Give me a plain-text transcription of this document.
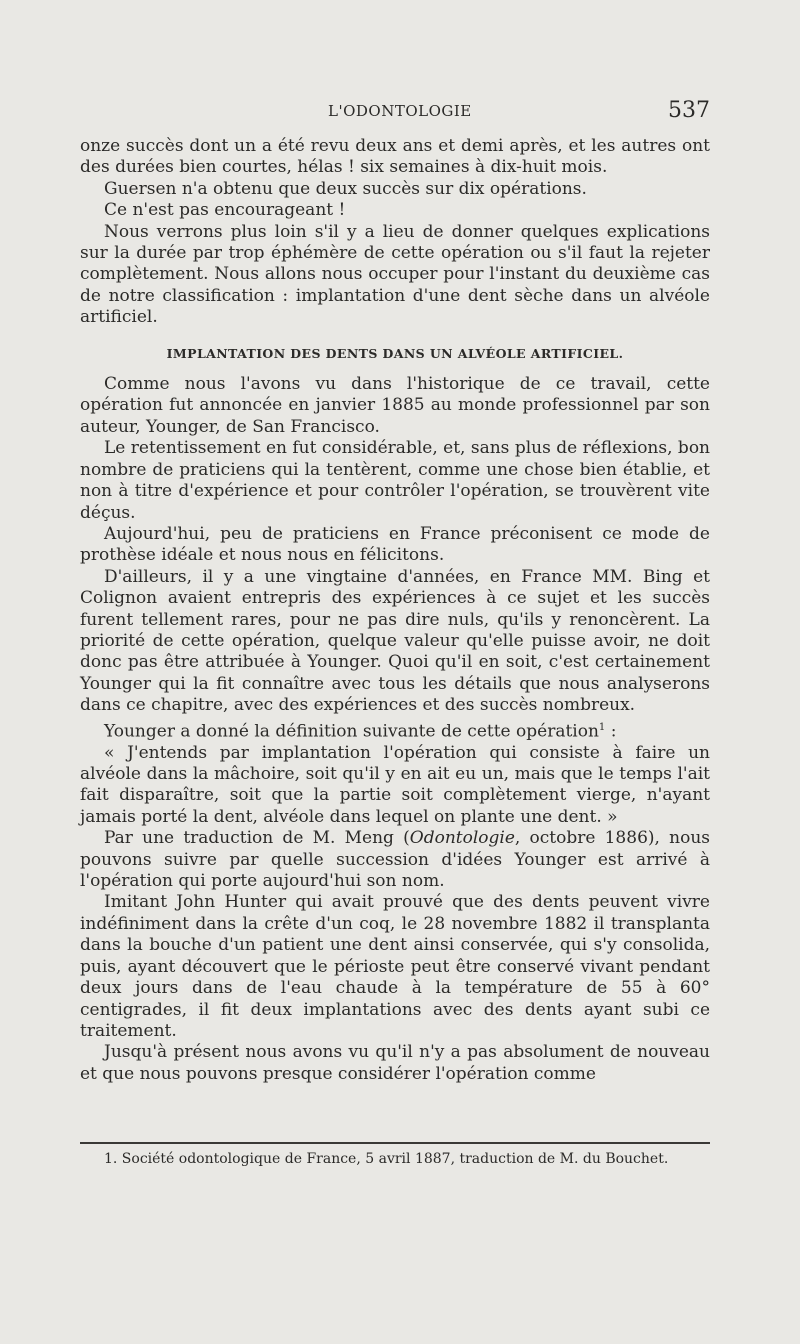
L'ODONTOLOGIE	537

onze succès dont un a été revu deux ans et demi après, et les autres ont des durées bien courtes, hélas ! six semaines à dix-huit mois.

Guersen n'a obtenu que deux succès sur dix opérations.

Ce n'est pas encourageant !

Nous verrons plus loin s'il y a lieu de donner quelques explications sur la durée par trop éphémère de cette opération ou s'il faut la rejeter complètement. Nous allons nous occuper pour l'instant du deuxième cas de notre classification : implantation d'une dent sèche dans un alvéole artificiel.

IMPLANTATION DES DENTS DANS UN ALVÉOLE ARTIFICIEL.

Comme nous l'avons vu dans l'historique de ce travail, cette opération fut annoncée en janvier 1885 au monde professionnel par son auteur, Younger, de San Francisco.

Le retentissement en fut considérable, et, sans plus de réflexions, bon nombre de praticiens qui la tentèrent, comme une chose bien établie, et non à titre d'expérience et pour contrôler l'opération, se trouvèrent vite déçus.

Aujourd'hui, peu de praticiens en France préconisent ce mode de prothèse idéale et nous nous en félicitons.

D'ailleurs, il y a une vingtaine d'années, en France MM. Bing et Colignon avaient entrepris des expériences à ce sujet et les succès furent tellement rares, pour ne pas dire nuls, qu'ils y renoncèrent. La priorité de cette opération, quelque valeur qu'elle puisse avoir, ne doit donc pas être attribuée à Younger. Quoi qu'il en soit, c'est certainement Younger qui la fit connaître avec tous les détails que nous analyserons dans ce chapitre, avec des expériences et des succès nombreux.

Younger a donné la définition suivante de cette opération$^1$ :

« J'entends par implantation l'opération qui consiste à faire un alvéole dans la mâchoire, soit qu'il y en ait eu un, mais que le temps l'ait fait disparaître, soit que la partie soit complètement vierge, n'ayant jamais porté la dent, alvéole dans lequel on plante une dent. »

Par une traduction de M. Meng (Odontologie, octobre 1886), nous pouvons suivre par quelle succession d'idées Younger est arrivé à l'opération qui porte aujourd'hui son nom.

Imitant John Hunter qui avait prouvé que des dents peuvent vivre indéfiniment dans la crête d'un coq, le 28 novembre 1882 il transplanta dans la bouche d'un patient une dent ainsi conservée, qui s'y consolida, puis, ayant découvert que le périoste peut être conservé vivant pendant deux jours dans de l'eau chaude à la température de 55 à 60° centigrades, il fit deux implantations avec des dents ayant subi ce traitement.

Jusqu'à présent nous avons vu qu'il n'y a pas absolument de nouveau et que nous pouvons presque considérer l'opération comme

1. Société odontologique de France, 5 avril 1887, traduction de M. du Bouchet.
